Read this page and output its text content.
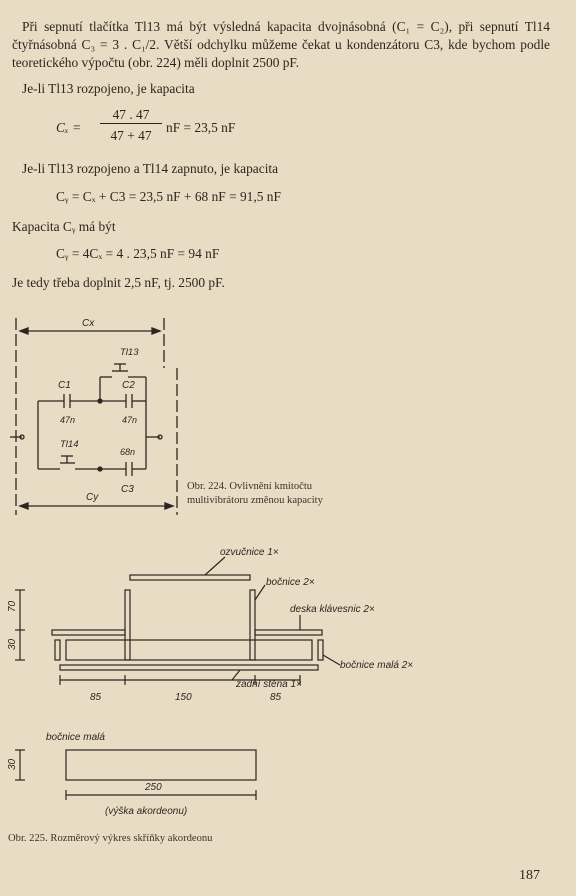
Při sepnutí tlačítka Tl13 má být výsledná kapacita dvojnásobná (C₁ = C₂), při sepnutí Tl14 čtyřnásobná C₃ = 3 . C₁/2. Větší odchylku můžeme čekat u kondenzátoru C3, kde bychom podle teoretického výpočtu (obr. 224) měli doplnit 2500 pF.

Je-li Tl13 rozpojeno, je kapacita
Cₓ =
47 . 47
47 + 47
nF = 23,5 nF
Je-li Tl13 rozpojeno a Tl14 zapnuto, je kapacita
Cᵧ = Cₓ + C3 = 23,5 nF + 68 nF = 91,5 nF
Kapacita Cᵧ má být
Cᵧ = 4Cₓ = 4 . 23,5 nF = 94 nF
Je tedy třeba doplnit 2,5 nF, tj. 2500 pF.
Cx
Cy
C1	C2
47n	47n
Tl13
Tl14
68n
C3	Obr. 224. Ovlivnění kmitočtu multivibrátoru změnou kapacity
ozvučnice 1×
bočnice 2×
deska klávesnic 2×
bočnice malá 2×
zadní stěna 1×
70
30
85	150	85
bočnice malá
30
250
(výška akordeonu)
Obr. 225. Rozměrový výkres skříňky akordeonu
187
